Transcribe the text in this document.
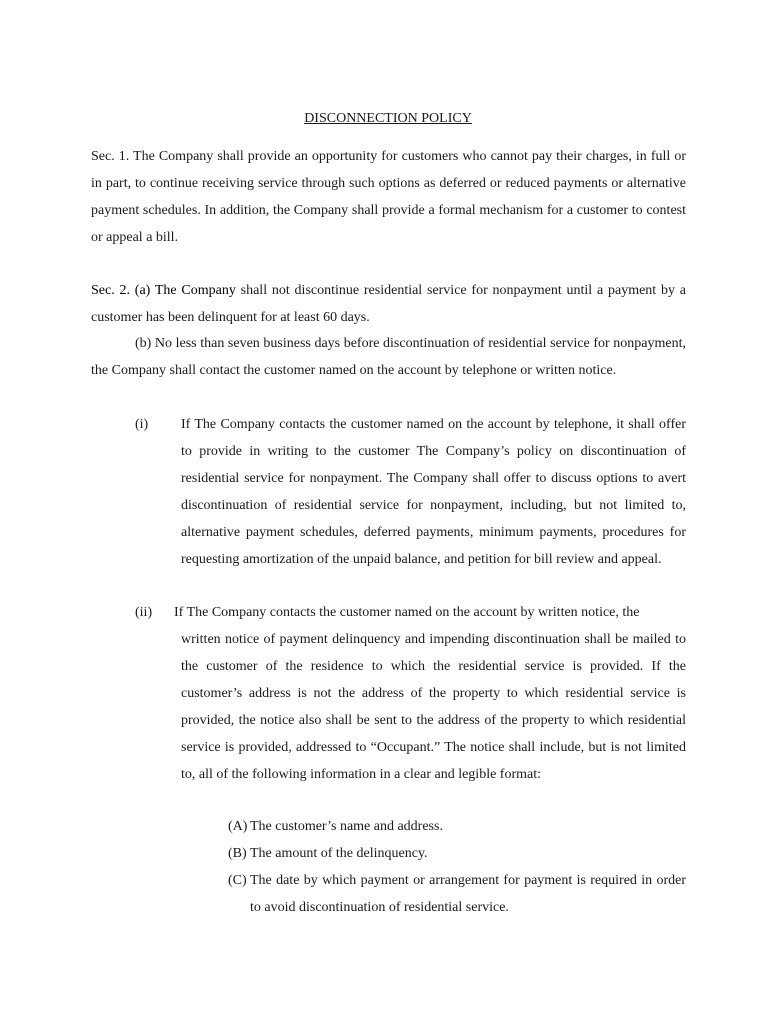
DISCONNECTION POLICY

Sec. 1. The Company shall provide an opportunity for customers who cannot pay their charges, in full or in part, to continue receiving service through such options as deferred or reduced payments or alternative payment schedules. In addition, the Company shall provide a formal mechanism for a customer to contest or appeal a bill.

Sec. 2. (a) The Company shall not discontinue residential service for nonpayment until a payment by a customer has been delinquent for at least 60 days.

(b) No less than seven business days before discontinuation of residential service for nonpayment, the Company shall contact the customer named on the account by telephone or written notice.

(i) If The Company contacts the customer named on the account by telephone, it shall offer to provide in writing to the customer The Company’s policy on discontinuation of residential service for nonpayment. The Company shall offer to discuss options to avert discontinuation of residential service for nonpayment, including, but not limited to, alternative payment schedules, deferred payments, minimum payments, procedures for requesting amortization of the unpaid balance, and petition for bill review and appeal.

(ii) If The Company contacts the customer named on the account by written notice, the

written notice of payment delinquency and impending discontinuation shall be mailed to the customer of the residence to which the residential service is provided. If the customer’s address is not the address of the property to which residential service is provided, the notice also shall be sent to the address of the property to which residential service is provided, addressed to “Occupant.” The notice shall include, but is not limited to, all of the following information in a clear and legible format:

(A) The customer’s name and address.
(B) The amount of the delinquency.
(C) The date by which payment or arrangement for payment is required in order to avoid discontinuation of residential service.
